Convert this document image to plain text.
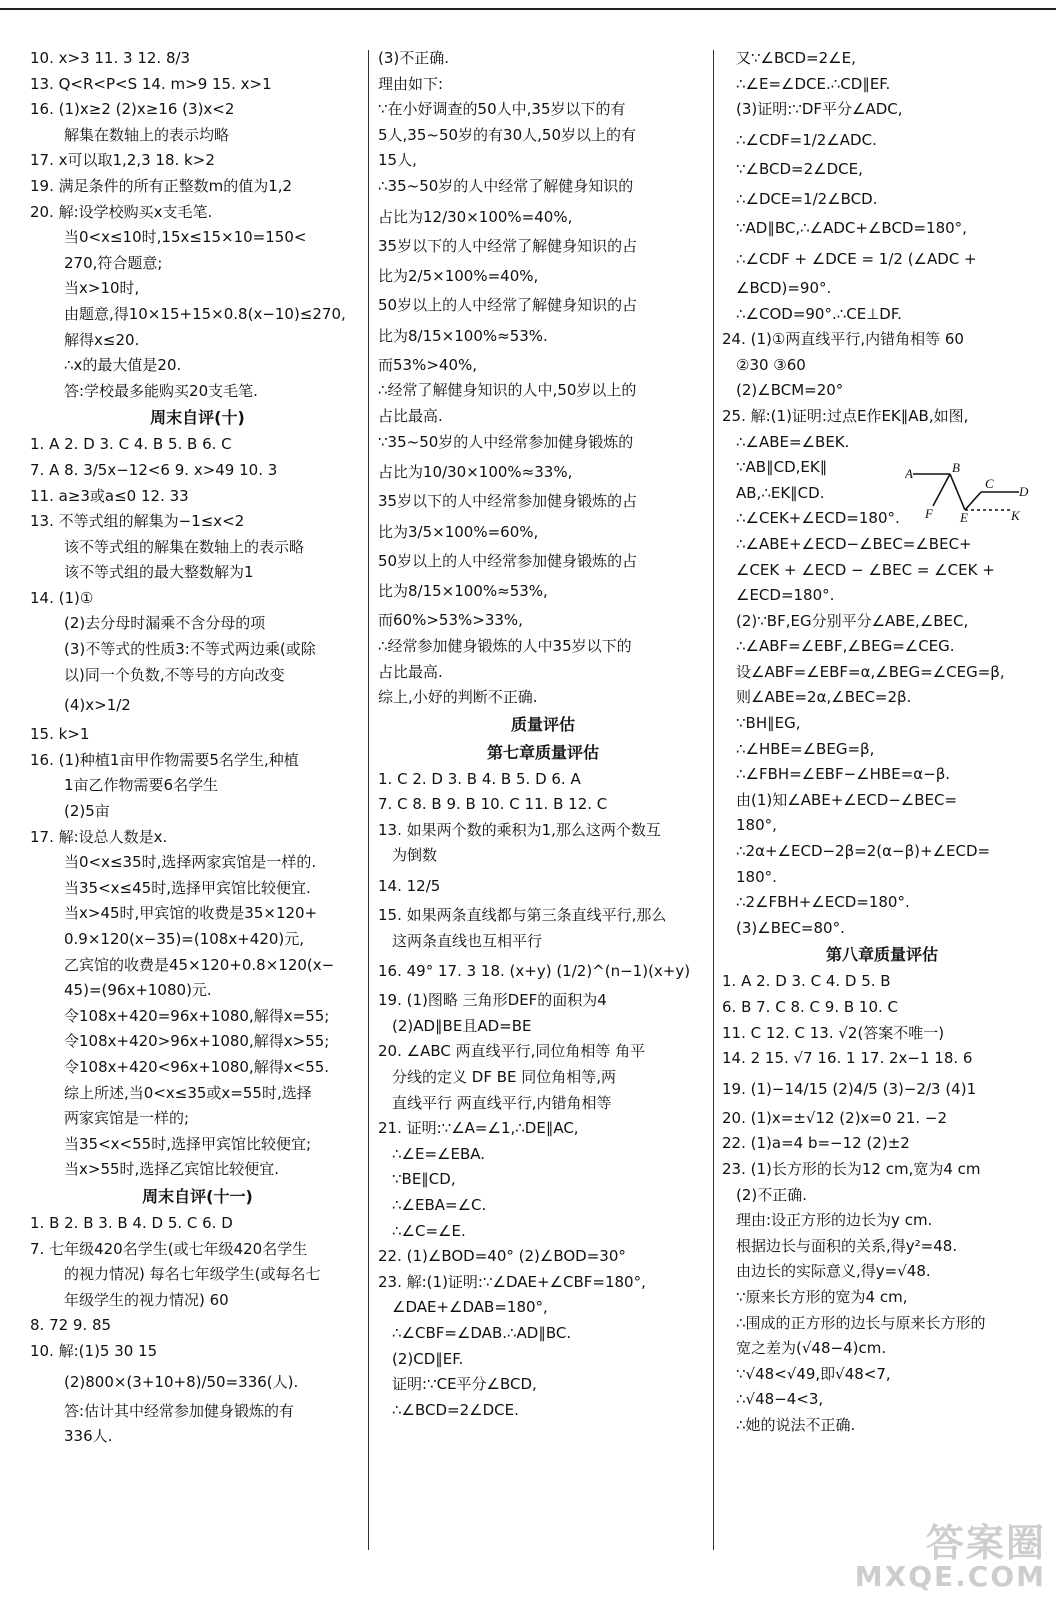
10. x>3 11. 3 12. 8/3
13. Q<R<P<S 14. m>9 15. x>1
16. (1)x≥2 (2)x≥16 (3)x<2
解集在数轴上的表示均略
17. x可以取1,2,3 18. k>2
19. 满足条件的所有正整数m的值为1,2
20. 解:设学校购买x支毛笔.
当0<x≤10时,15x≤15×10=150<
270,符合题意;
当x>10时,
由题意,得10×15+15×0.8(x−10)≤270,
解得x≤20.
∴x的最大值是20.
答:学校最多能购买20支毛笔.
周末自评(十)
1. A 2. D 3. C 4. B 5. B 6. C
7. A 8. 3/5x−12<6 9. x>49 10. 3
11. a≥3或a≤0 12. 33
13. 不等式组的解集为−1≤x<2
该不等式组的解集在数轴上的表示略
该不等式组的最大整数解为1
14. (1)①
(2)去分母时漏乘不含分母的项
(3)不等式的性质3:不等式两边乘(或除
以)同一个负数,不等号的方向改变
(4)x>1/2
15. k>1
16. (1)种植1亩甲作物需要5名学生,种植
1亩乙作物需要6名学生
(2)5亩
17. 解:设总人数是x.
当0<x≤35时,选择两家宾馆是一样的.
当35<x≤45时,选择甲宾馆比较便宜.
当x>45时,甲宾馆的收费是35×120+
0.9×120(x−35)=(108x+420)元,
乙宾馆的收费是45×120+0.8×120(x−
45)=(96x+1080)元.
令108x+420=96x+1080,解得x=55;
令108x+420>96x+1080,解得x>55;
令108x+420<96x+1080,解得x<55.
综上所述,当0<x≤35或x=55时,选择
两家宾馆是一样的;
当35<x<55时,选择甲宾馆比较便宜;
当x>55时,选择乙宾馆比较便宜.
周末自评(十一)
1. B 2. B 3. B 4. D 5. C 6. D
7. 七年级420名学生(或七年级420名学生
的视力情况) 每名七年级学生(或每名七
年级学生的视力情况) 60
8. 72 9. 85
10. 解:(1)5 30 15
(2)800×(3+10+8)/50=336(人).
答:估计其中经常参加健身锻炼的有
336人.
(3)不正确.
理由如下:
∵在小妤调查的50人中,35岁以下的有
5人,35~50岁的有30人,50岁以上的有
15人,
∴35~50岁的人中经常了解健身知识的
占比为12/30×100%=40%,
35岁以下的人中经常了解健身知识的占
比为2/5×100%=40%,
50岁以上的人中经常了解健身知识的占
比为8/15×100%≈53%.
而53%>40%,
∴经常了解健身知识的人中,50岁以上的
占比最高.
∵35~50岁的人中经常参加健身锻炼的
占比为10/30×100%≈33%,
35岁以下的人中经常参加健身锻炼的占
比为3/5×100%=60%,
50岁以上的人中经常参加健身锻炼的占
比为8/15×100%≈53%,
而60%>53%>33%,
∴经常参加健身锻炼的人中35岁以下的
占比最高.
综上,小妤的判断不正确.
质量评估
第七章质量评估
1. C 2. D 3. B 4. B 5. D 6. A
7. C 8. B 9. B 10. C 11. B 12. C
13. 如果两个数的乘积为1,那么这两个数互
为倒数
14. 12/5
15. 如果两条直线都与第三条直线平行,那么
这两条直线也互相平行
16. 49° 17. 3 18. (x+y) (1/2)^(n−1)(x+y)
19. (1)图略 三角形DEF的面积为4
(2)AD∥BE且AD=BE
20. ∠ABC 两直线平行,同位角相等 角平
分线的定义 DF BE 同位角相等,两
直线平行 两直线平行,内错角相等
21. 证明:∵∠A=∠1,∴DE∥AC,
∴∠E=∠EBA.
∵BE∥CD,
∴∠EBA=∠C.
∴∠C=∠E.
22. (1)∠BOD=40° (2)∠BOD=30°
23. 解:(1)证明:∵∠DAE+∠CBF=180°,
∠DAE+∠DAB=180°,
∴∠CBF=∠DAB.∴AD∥BC.
(2)CD∥EF.
证明:∵CE平分∠BCD,
∴∠BCD=2∠DCE.
又∵∠BCD=2∠E,
∴∠E=∠DCE.∴CD∥EF.
(3)证明:∵DF平分∠ADC,
∴∠CDF=1/2∠ADC.
∵∠BCD=2∠DCE,
∴∠DCE=1/2∠BCD.
∵AD∥BC,∴∠ADC+∠BCD=180°,
∴∠CDF + ∠DCE = 1/2 (∠ADC +
∠BCD)=90°.
∴∠COD=90°.∴CE⊥DF.
24. (1)①两直线平行,内错角相等 60
②30 ③60
(2)∠BCM=20°
25. 解:(1)证明:过点E作EK∥AB,如图,
∴∠ABE=∠BEK.
∵AB∥CD,EK∥
AB,∴EK∥CD.
∴∠CEK+∠ECD=180°.
∴∠ABE+∠ECD−∠BEC=∠BEC+
∠CEK + ∠ECD − ∠BEC = ∠CEK +
∠ECD=180°.
(2)∵BF,EG分别平分∠ABE,∠BEC,
∴∠ABF=∠EBF,∠BEG=∠CEG.
设∠ABF=∠EBF=α,∠BEG=∠CEG=β,
则∠ABE=2α,∠BEC=2β.
∵BH∥EG,
∴∠HBE=∠BEG=β,
∴∠FBH=∠EBF−∠HBE=α−β.
由(1)知∠ABE+∠ECD−∠BEC=
180°,
∴2α+∠ECD−2β=2(α−β)+∠ECD=
180°.
∴2∠FBH+∠ECD=180°.
(3)∠BEC=80°.
第八章质量评估
1. A 2. D 3. C 4. D 5. B
6. B 7. C 8. C 9. B 10. C
11. C 12. C 13. √2(答案不唯一)
14. 2 15. √7 16. 1 17. 2x−1 18. 6
19. (1)−14/15 (2)4/5 (3)−2/3 (4)1
20. (1)x=±√12 (2)x=0 21. −2
22. (1)a=4 b=−12 (2)±2
23. (1)长方形的长为12 cm,宽为4 cm
(2)不正确.
理由:设正方形的边长为y cm.
根据边长与面积的关系,得y²=48.
由边长的实际意义,得y=√48.
∵原来长方形的宽为4 cm,
∴围成的正方形的边长与原来长方形的
宽之差为(√48−4)cm.
∵√48<√49,即√48<7,
∴√48−4<3,
∴她的说法不正确.
A	B
C
D
F E	K
答案圈
MXQE.COM
